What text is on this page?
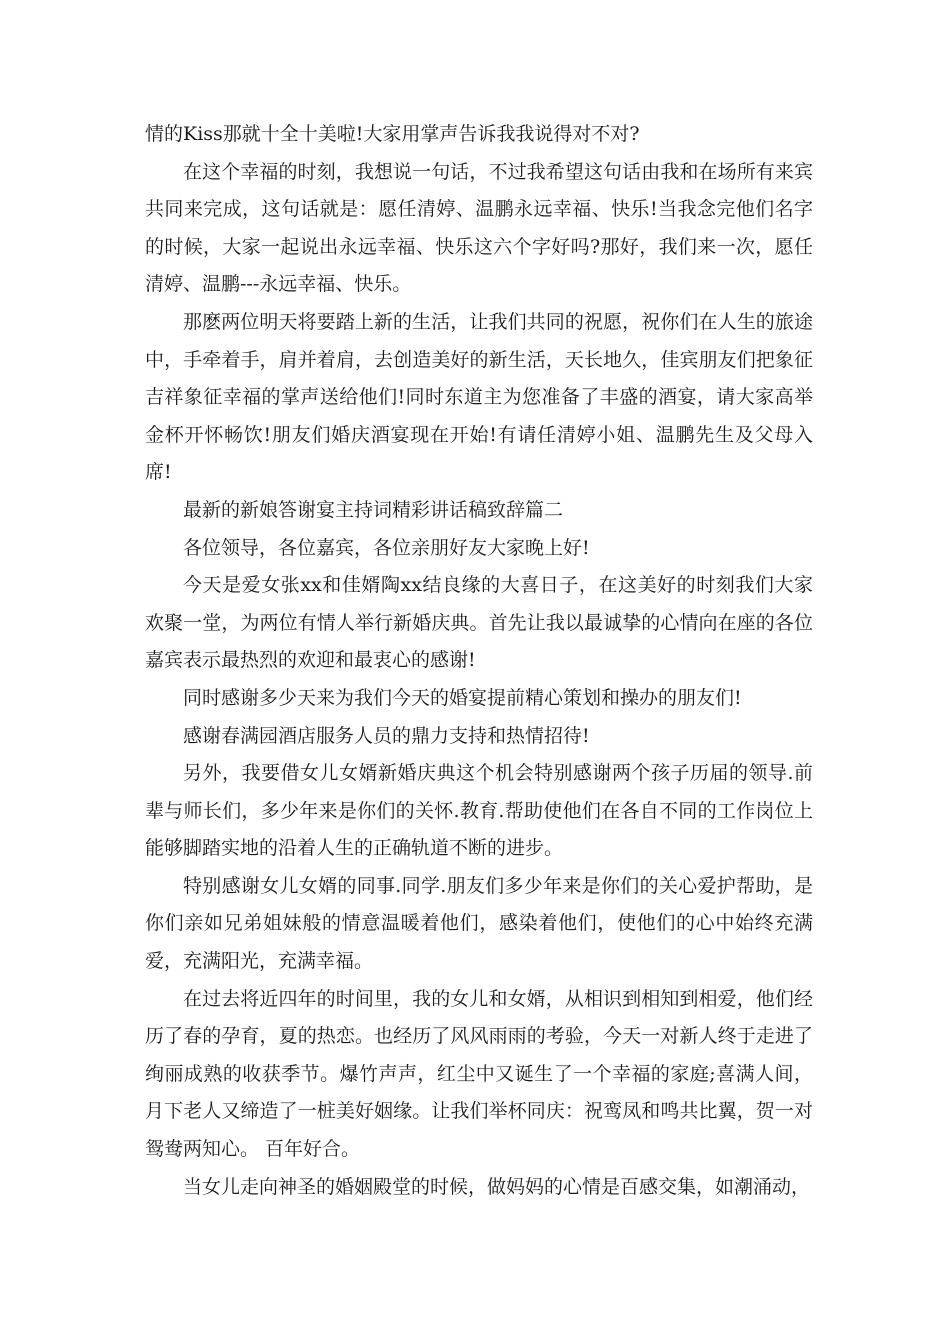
情的Kiss那就十全十美啦!大家用掌声告诉我我说得对不对?

在这个幸福的时刻，我想说一句话，不过我希望这句话由我和在场所有来宾共同来完成，这句话就是：愿任清婷、温鹏永远幸福、快乐!当我念完他们名字的时候，大家一起说出永远幸福、快乐这六个字好吗?那好，我们来一次，愿任清婷、温鹏---永远幸福、快乐。

那麽两位明天将要踏上新的生活，让我们共同的祝愿，祝你们在人生的旅途中，手牵着手，肩并着肩，去创造美好的新生活，天长地久，佳宾朋友们把象征吉祥象征幸福的掌声送给他们!同时东道主为您准备了丰盛的酒宴，请大家高举金杯开怀畅饮!朋友们婚庆酒宴现在开始!有请任清婷小姐、温鹏先生及父母入席!

最新的新娘答谢宴主持词精彩讲话稿致辞篇二

各位领导，各位嘉宾，各位亲朋好友大家晚上好!

今天是爱女张xx和佳婿陶xx结良缘的大喜日子，在这美好的时刻我们大家欢聚一堂，为两位有情人举行新婚庆典。首先让我以最诚挚的心情向在座的各位嘉宾表示最热烈的欢迎和最衷心的感谢!

同时感谢多少天来为我们今天的婚宴提前精心策划和操办的朋友们!

感谢春满园酒店服务人员的鼎力支持和热情招待!

另外，我要借女儿女婿新婚庆典这个机会特别感谢两个孩子历届的领导.前辈与师长们，多少年来是你们的关怀.教育.帮助使他们在各自不同的工作岗位上能够脚踏实地的沿着人生的正确轨道不断的进步。

特别感谢女儿女婿的同事.同学.朋友们多少年来是你们的关心爱护帮助，是你们亲如兄弟姐妹般的情意温暖着他们，感染着他们，使他们的心中始终充满爱，充满阳光，充满幸福。

在过去将近四年的时间里，我的女儿和女婿，从相识到相知到相爱，他们经历了春的孕育，夏的热恋。也经历了风风雨雨的考验，今天一对新人终于走进了绚丽成熟的收获季节。爆竹声声，红尘中又诞生了一个幸福的家庭;喜满人间，月下老人又缔造了一桩美好姻缘。让我们举杯同庆：祝鸾凤和鸣共比翼，贺一对鸳鸯两知心。 百年好合。

当女儿走向神圣的婚姻殿堂的时候，做妈妈的心情是百感交集，如潮涌动，
